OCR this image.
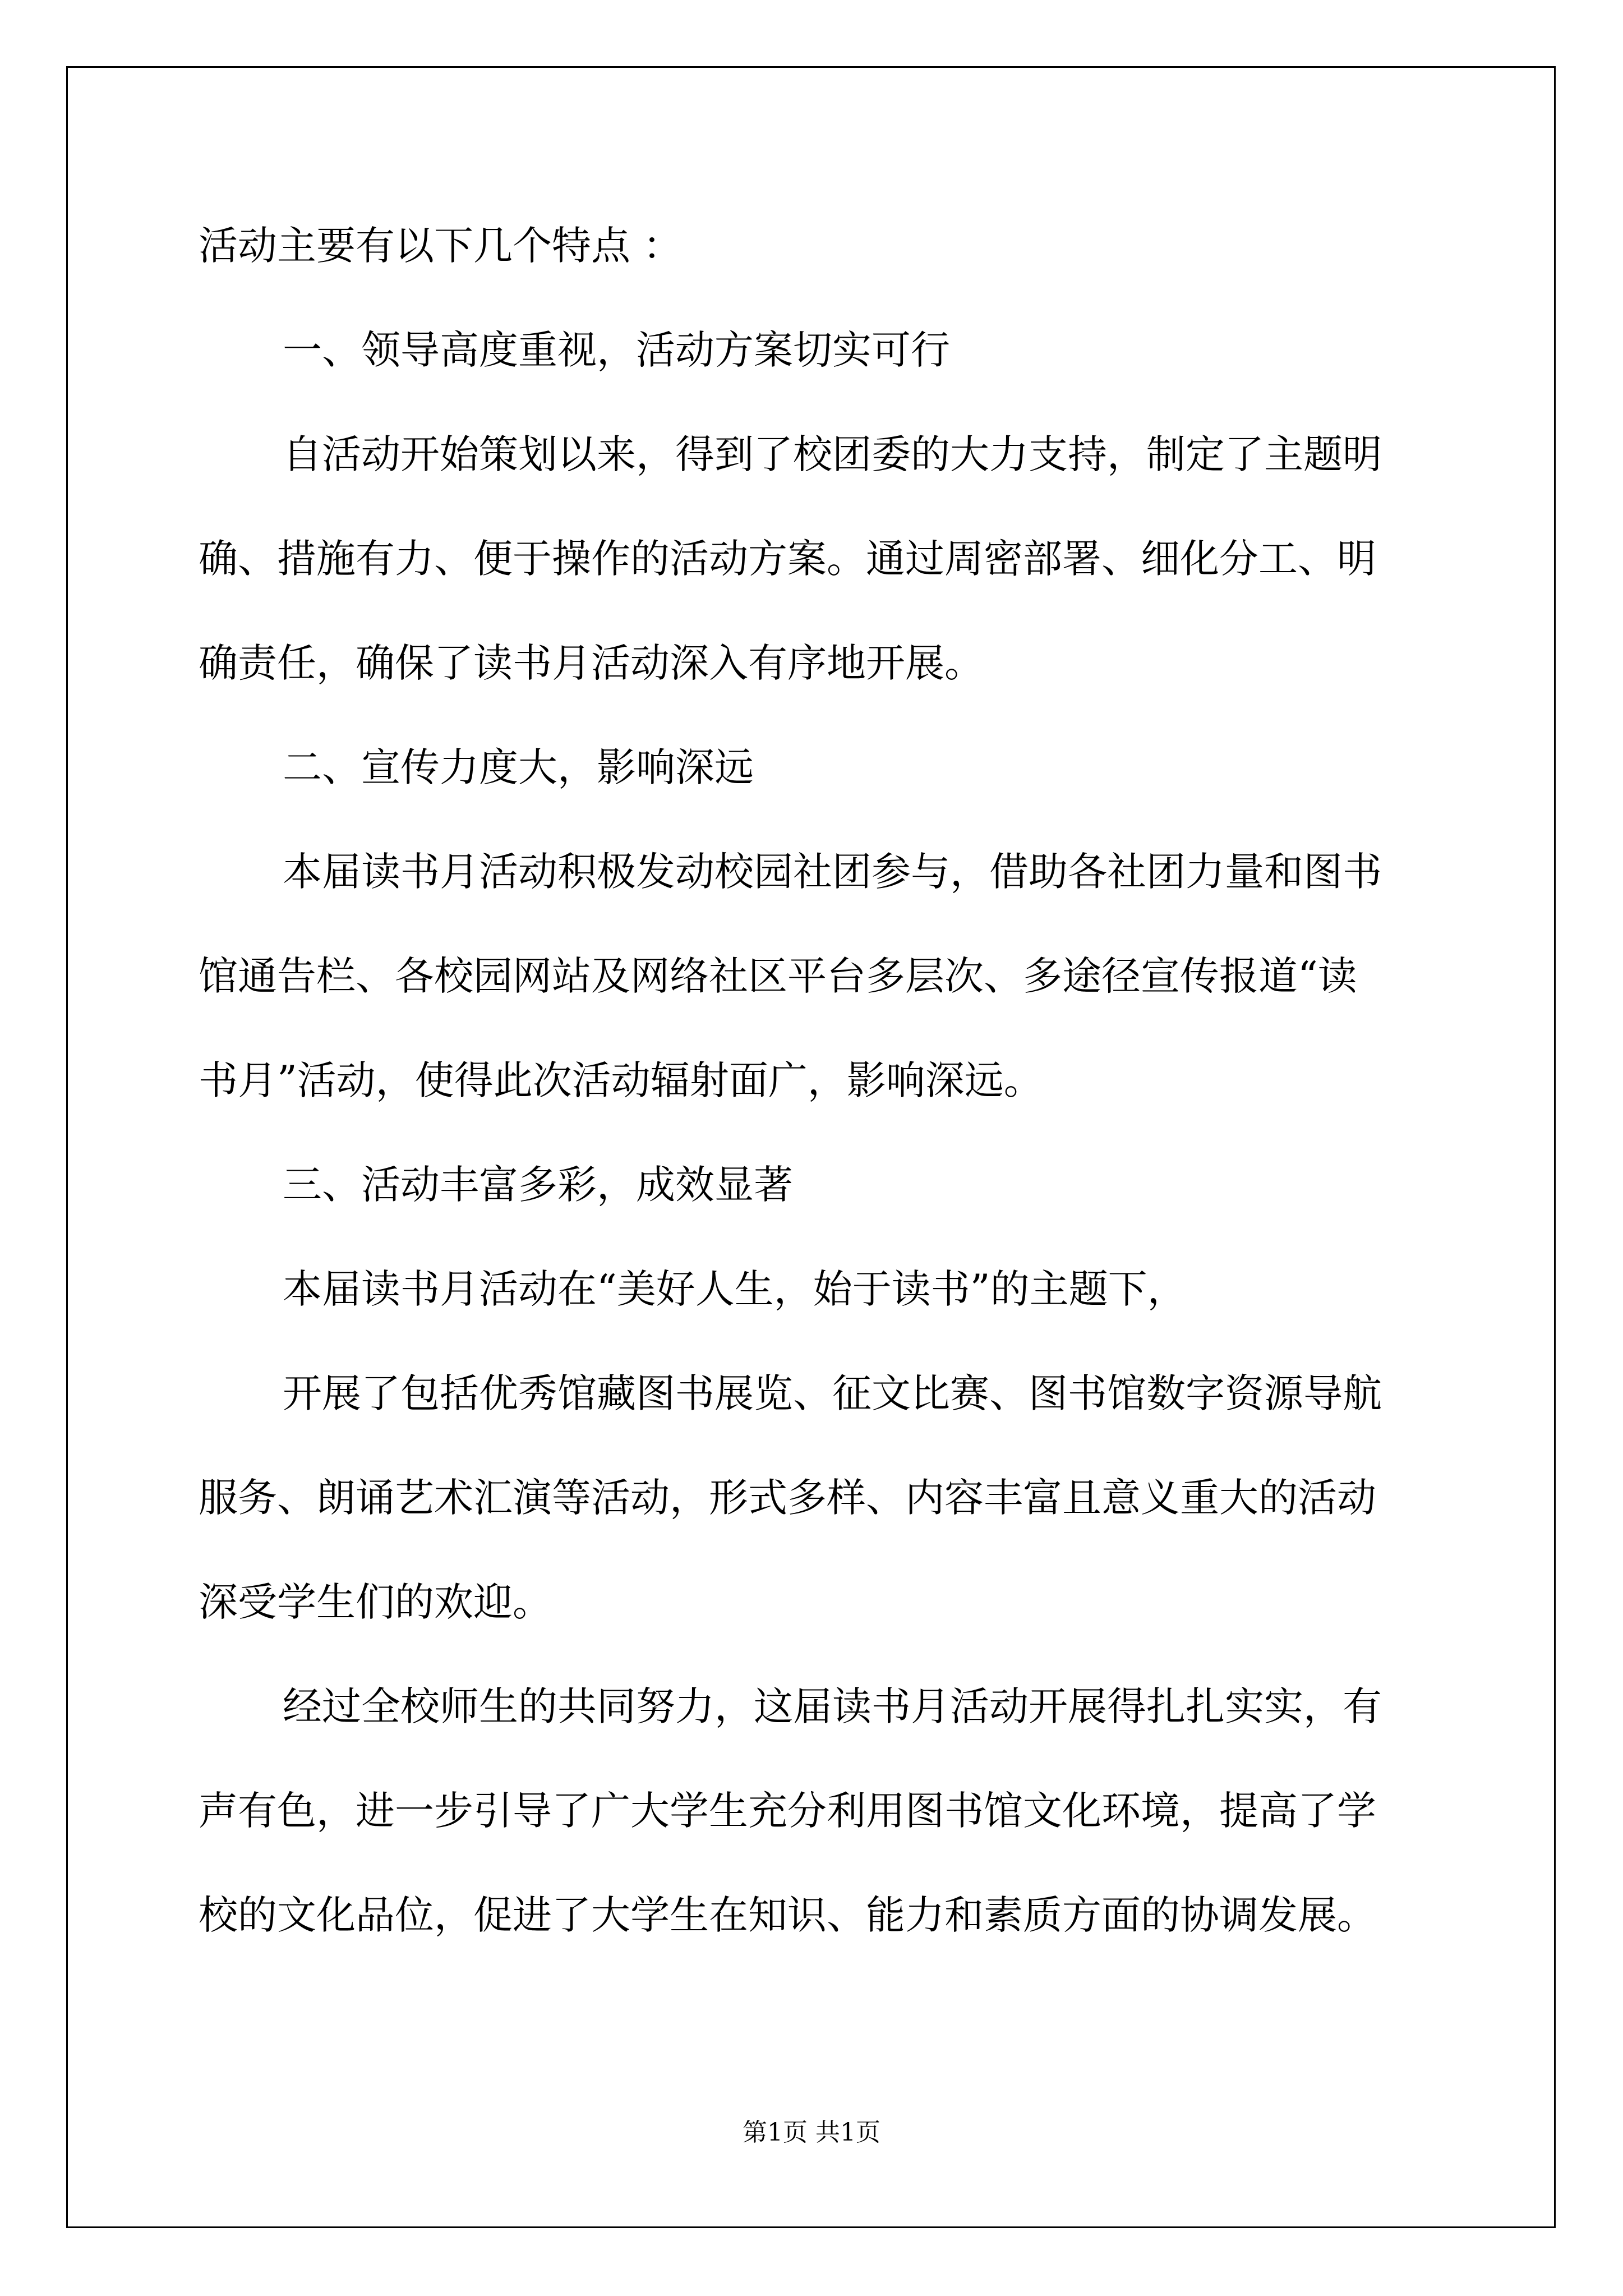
活动主要有以下几个特点 ：
一、领导高度重视，活动方案切实可行
自活动开始策划以来，得到了校团委的大力支持，制定了主题明
确、措施有力、便于操作的活动方案。通过周密部署、细化分工、明
确责任，确保了读书月活动深入有序地开展。
二、宣传力度大，影响深远
本届读书月活动积极发动校园社团参与，借助各社团力量和图书
馆通告栏、各校园网站及网络社区平台多层次、多途径宣传报道“读
书月”活动，使得此次活动辐射面广，影响深远。
三、活动丰富多彩，成效显著
本届读书月活动在“美好人生，始于读书”的主题下，
开展了包括优秀馆藏图书展览、征文比赛、图书馆数字资源导航
服务、朗诵艺术汇演等活动，形式多样、内容丰富且意义重大的活动
深受学生们的欢迎。
经过全校师生的共同努力，这届读书月活动开展得扎扎实实，有
声有色，进一步引导了广大学生充分利用图书馆文化环境，提高了学
校的文化品位，促进了大学生在知识、能力和素质方面的协调发展。
第1页 共1页
